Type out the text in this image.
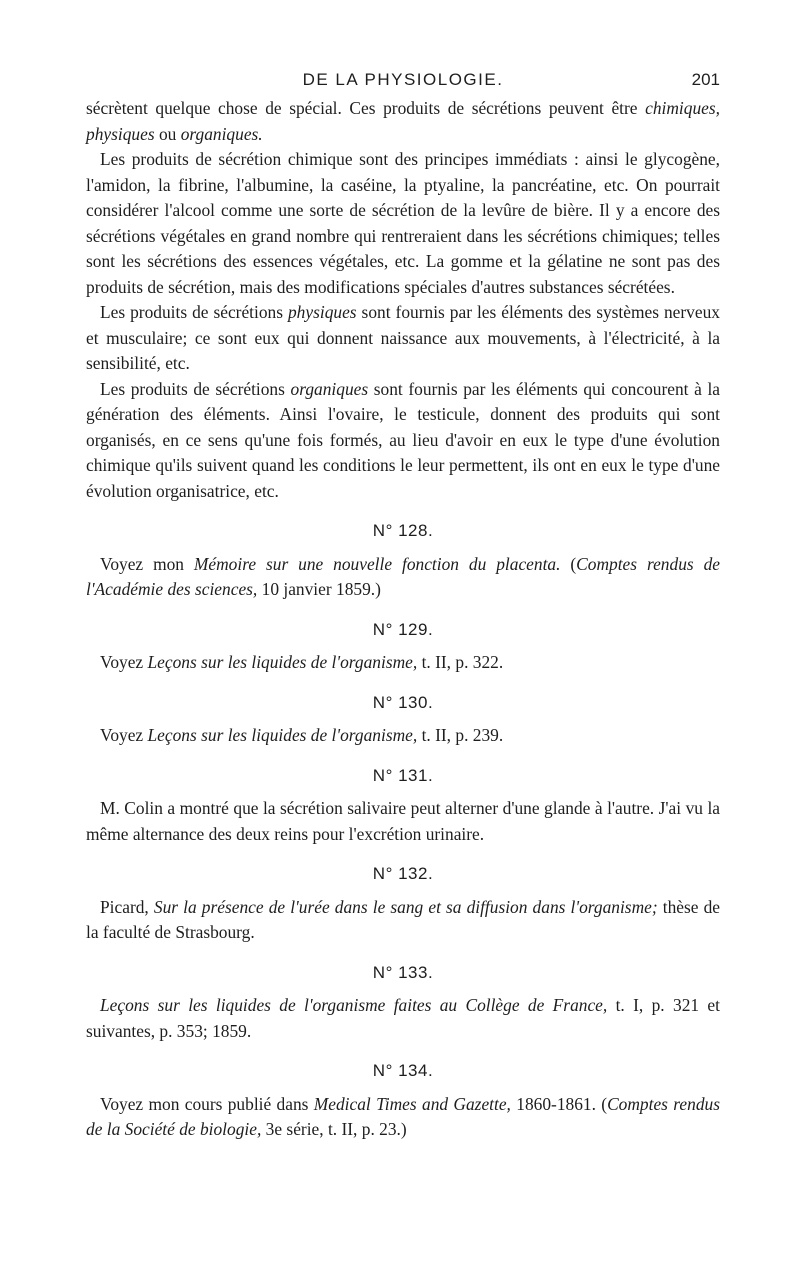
DE LA PHYSIOLOGIE.	201

sécrètent quelque chose de spécial. Ces produits de sécrétions peuvent être chimiques, physiques ou organiques.

Les produits de sécrétion chimique sont des principes immédiats : ainsi le glycogène, l'amidon, la fibrine, l'albumine, la caséine, la ptyaline, la pancréatine, etc. On pourrait considérer l'alcool comme une sorte de sécrétion de la levûre de bière. Il y a encore des sécrétions végétales en grand nombre qui rentreraient dans les sécrétions chimiques; telles sont les sécrétions des essences végétales, etc. La gomme et la gélatine ne sont pas des produits de sécrétion, mais des modifications spéciales d'autres substances sécrétées.

Les produits de sécrétions physiques sont fournis par les éléments des systèmes nerveux et musculaire; ce sont eux qui donnent naissance aux mouvements, à l'électricité, à la sensibilité, etc.

Les produits de sécrétions organiques sont fournis par les éléments qui concourent à la génération des éléments. Ainsi l'ovaire, le testicule, donnent des produits qui sont organisés, en ce sens qu'une fois formés, au lieu d'avoir en eux le type d'une évolution chimique qu'ils suivent quand les conditions le leur permettent, ils ont en eux le type d'une évolution organisatrice, etc.

N° 128.

Voyez mon Mémoire sur une nouvelle fonction du placenta. (Comptes rendus de l'Académie des sciences, 10 janvier 1859.)

N° 129.

Voyez Leçons sur les liquides de l'organisme, t. II, p. 322.

N° 130.

Voyez Leçons sur les liquides de l'organisme, t. II, p. 239.

N° 131.

M. Colin a montré que la sécrétion salivaire peut alterner d'une glande à l'autre. J'ai vu la même alternance des deux reins pour l'excrétion urinaire.

N° 132.

Picard, Sur la présence de l'urée dans le sang et sa diffusion dans l'organisme; thèse de la faculté de Strasbourg.

N° 133.

Leçons sur les liquides de l'organisme faites au Collège de France, t. I, p. 321 et suivantes, p. 353; 1859.

N° 134.

Voyez mon cours publié dans Medical Times and Gazette, 1860-1861. (Comptes rendus de la Société de biologie, 3e série, t. II, p. 23.)
